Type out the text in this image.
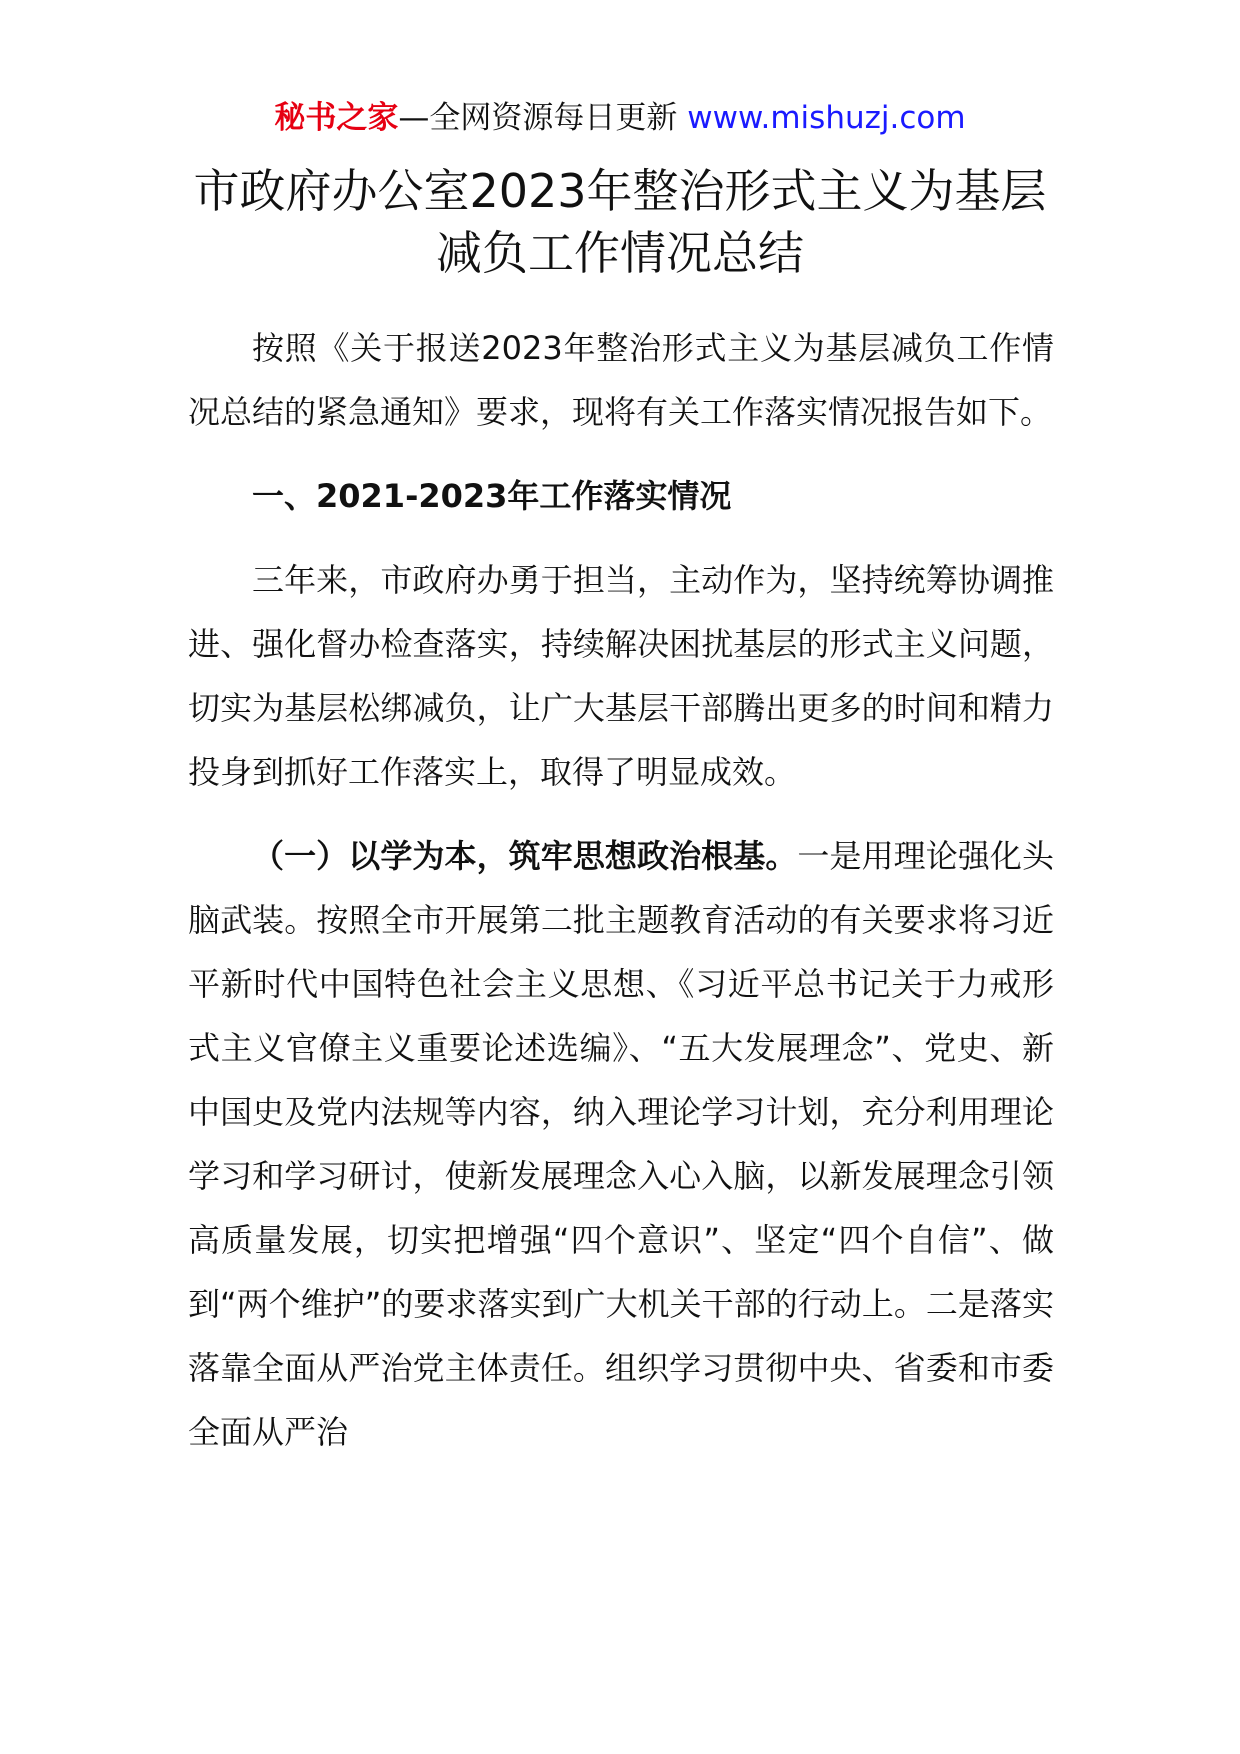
秘书之家—全网资源每日更新 www.mishuzj.com
市政府办公室2023年整治形式主义为基层
减负工作情况总结

按照《关于报送2023年整治形式主义为基层减负工作情况总结的紧急通知》要求，现将有关工作落实情况报告如下。

一、2021-2023年工作落实情况

三年来，市政府办勇于担当，主动作为，坚持统筹协调推进、强化督办检查落实，持续解决困扰基层的形式主义问题，切实为基层松绑减负，让广大基层干部腾出更多的时间和精力投身到抓好工作落实上，取得了明显成效。

（一）以学为本，筑牢思想政治根基。一是用理论强化头脑武装。按照全市开展第二批主题教育活动的有关要求将习近平新时代中国特色社会主义思想、《习近平总书记关于力戒形式主义官僚主义重要论述选编》、“五大发展理念”、党史、新中国史及党内法规等内容，纳入理论学习计划，充分利用理论学习和学习研讨，使新发展理念入心入脑，以新发展理念引领高质量发展，切实把增强“四个意识”、坚定“四个自信”、做到“两个维护”的要求落实到广大机关干部的行动上。二是落实落靠全面从严治党主体责任。组织学习贯彻中央、省委和市委全面从严治
